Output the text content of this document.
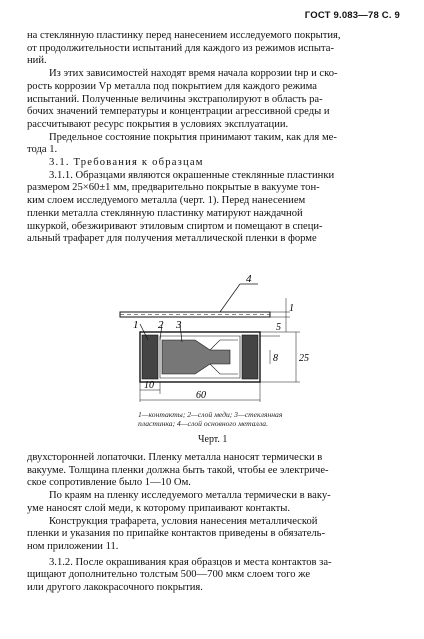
ГОСТ 9.083—78 С. 9

на стеклянную пластинку перед нанесением исследуемого покрытия,
от продолжительности испытаний для каждого из режимов испыта-
ний.

Из этих зависимостей находят время начала коррозии tнр и ско-
рость коррозии Vр металла под покрытием для каждого режима
испытаний. Полученные величины экстраполируют в область ра-
бочих значений температуры и концентрации агрессивной среды и
рассчитывают ресурс покрытия в условиях эксплуатации.

Предельное состояние покрытия принимают таким, как для ме-
тода 1.

3.1. Требования к образцам

3.1.1. Образцами являются окрашенные стеклянные пластинки
размером 25×60±1 мм, предварительно покрытые в вакууме тон-
ким слоем исследуемого металла (черт. 1). Перед нанесением
пленки металла стеклянную пластинку матируют наждачной
шкуркой, обезжиривают этиловым спиртом и помещают в специ-
альный трафарет для получения металлической пленки в форме

4
1
1 2 3
25
8
5
10
60
1—контакты; 2—слой меди; 3—стеклянная
пластинка; 4—слой основного металла.
Черт. 1

двухсторонней лопаточки. Пленку металла наносят термически в
вакууме. Толщина пленки должна быть такой, чтобы ее электриче-
ское сопротивление было 1—10 Ом.

По краям на пленку исследуемого металла термически в ваку-
уме наносят слой меди, к которому припаивают контакты.

Конструкция трафарета, условия нанесения металлической
пленки и указания по припайке контактов приведены в обязатель-
ном приложении 11.

3.1.2. После окрашивания края образцов и места контактов за-
щищают дополнительно толстым 500—700 мкм слоем того же
или другого лакокрасочного покрытия.
